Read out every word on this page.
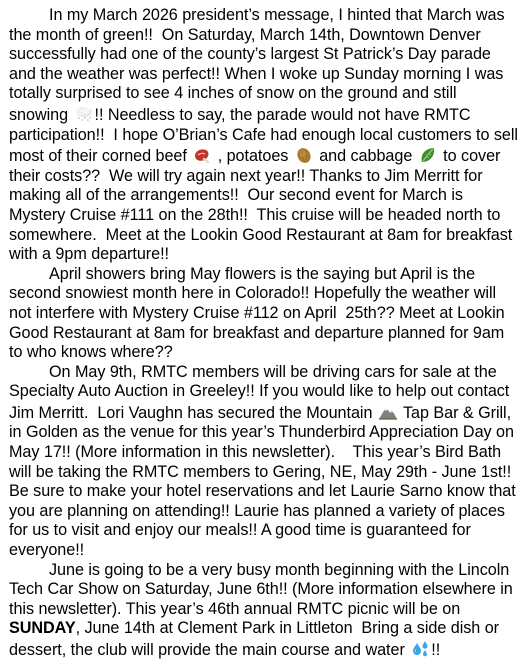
In my March 2026 president’s message, I hinted that March was the month of green!!  On Saturday, March 14th, Downtown Denver successfully had one of the county’s largest St Patrick’s Day parade and the weather was perfect!! When I woke up Sunday morning I was totally surprised to see 4 inches of snow on the ground and still snowing
!! Needless to say, the parade would not have RMTC participation!!  I hope O’Brian’s Cafe had enough local customers to sell most of their corned beef
, potatoes
and cabbage
to cover their costs??  We will try again next year!! Thanks to Jim Merritt for making all of the arrangements!!  Our second event for March is Mystery Cruise #111 on the 28th!!  This cruise will be headed north to somewhere.  Meet at the Lookin Good Restaurant at 8am for breakfast with a 9pm departure!!

April showers bring May flowers is the saying but April is the second snowiest month here in Colorado!! Hopefully the weather will not interfere with Mystery Cruise #112 on April  25th?? Meet at Lookin Good Restaurant at 8am for breakfast and departure planned for 9am to who knows where??

On May 9th, RMTC members will be driving cars for sale at the Specialty Auto Auction in Greeley!! If you would like to help out contact Jim Merritt.  Lori Vaughn has secured the Mountain
Tap Bar & Grill, in Golden as the venue for this year’s Thunderbird Appreciation Day on May 17!! (More information in this newsletter).    This year’s Bird Bath will be taking the RMTC members to Gering, NE, May 29th - June 1st!!  Be sure to make your hotel reservations and let Laurie Sarno know that you are planning on attending!! Laurie has planned a variety of places for us to visit and enjoy our meals!! A good time is guaranteed for everyone!!

June is going to be a very busy month beginning with the Lincoln Tech Car Show on Saturday, June 6th!! (More information elsewhere in this newsletter). This year’s 46th annual RMTC picnic will be on SUNDAY, June 14th at Clement Park in Littleton  Bring a side dish or dessert, the club will provide the main course and water
!!
